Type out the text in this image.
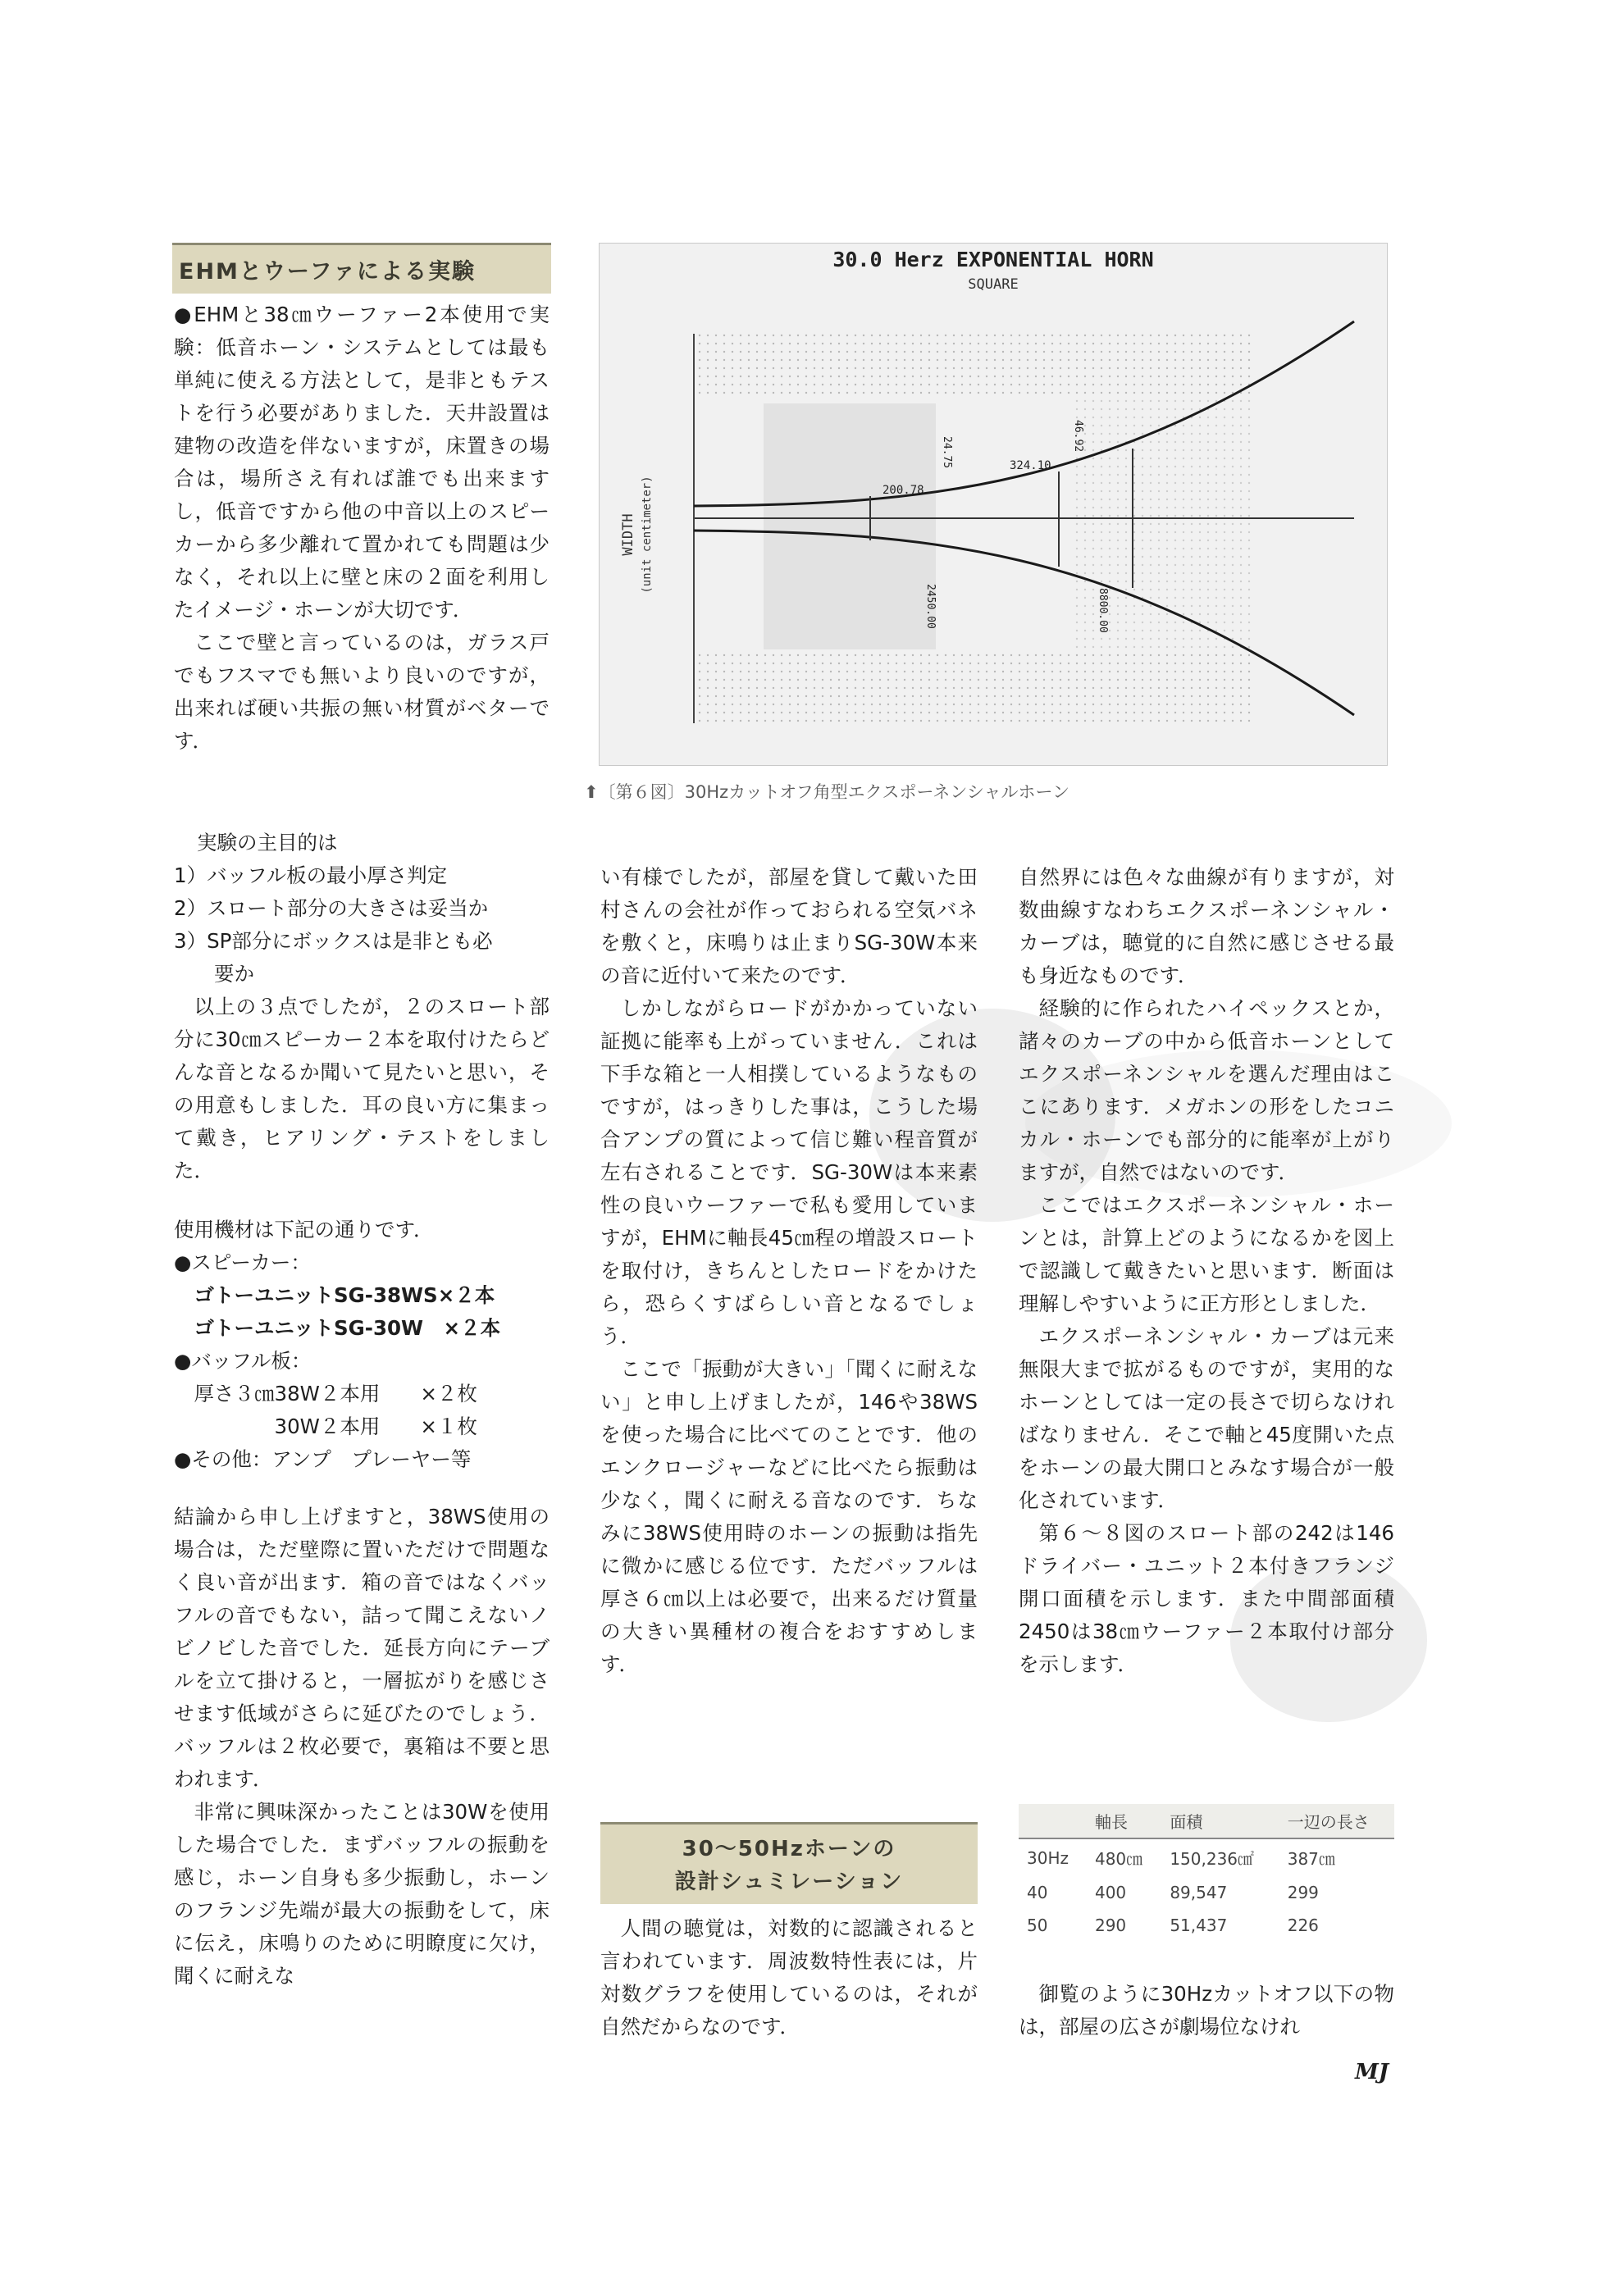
EHMとウーファによる実験

●EHMと38㎝ウーファー2本使用で実験：低音ホーン・システムとしては最も単純に使える方法として，是非ともテストを行う必要がありました．天井設置は建物の改造を伴ないますが，床置きの場合は，場所さえ有れば誰でも出来ますし，低音ですから他の中音以上のスピーカーから多少離れて置かれても問題は少なく，それ以上に壁と床の２面を利用したイメージ・ホーンが大切です．

ここで壁と言っているのは，ガラス戸でもフスマでも無いより良いのですが，出来れば硬い共振の無い材質がベターです．

実験の主目的は

1）バッフル板の最小厚さ判定

2）スロート部分の大きさは妥当か

3）SP部分にボックスは是非とも必

　　要か

以上の３点でしたが，２のスロート部分に30㎝スピーカー２本を取付けたらどんな音となるか聞いて見たいと思い，その用意もしました．耳の良い方に集まって戴き，ヒアリング・テストをしました．

使用機材は下記の通りです．

●スピーカー：

　ゴトーユニットSG-38WS×２本

　ゴトーユニットSG-30W　×２本

●バッフル板：

　厚さ３㎝38W２本用　　×２枚

　　　　　30W２本用　　×１枚

●その他：アンプ　プレーヤー等

結論から申し上げますと，38WS使用の場合は，ただ壁際に置いただけで問題なく良い音が出ます．箱の音ではなくバッフルの音でもない，詰って聞こえないノビノビした音でした．延長方向にテーブルを立て掛けると，一層拡がりを感じさせます低域がさらに延びたのでしょう．バッフルは２枚必要で，裏箱は不要と思われます．

非常に興味深かったことは30Wを使用した場合でした．まずバッフルの振動を感じ，ホーン自身も多少振動し，ホーンのフランジ先端が最大の振動をして，床に伝え，床鳴りのために明瞭度に欠け，聞くに耐えな

30.0 Herz EXPONENTIAL HORN
SQUARE
WIDTH (unit centimeter)	200.78
324.10
24.75
46.92
2450.00	8800.00
⬆〔第６図〕30Hzカットオフ角型エクスポーネンシャルホーン

い有様でしたが，部屋を貸して戴いた田村さんの会社が作っておられる空気バネを敷くと，床鳴りは止まりSG-30W本来の音に近付いて来たのです．

しかしながらロードがかかっていない証拠に能率も上がっていません．これは下手な箱と一人相撲しているようなものですが，はっきりした事は，こうした場合アンプの質によって信じ難い程音質が左右されることです．SG-30Wは本来素性の良いウーファーで私も愛用していますが，EHMに軸長45㎝程の増設スロートを取付け，きちんとしたロードをかけたら，恐らくすばらしい音となるでしょう．

ここで「振動が大きい」「聞くに耐えない」と申し上げましたが，146や38WSを使った場合に比べてのことです．他のエンクロージャーなどに比べたら振動は少なく，聞くに耐える音なのです．ちなみに38WS使用時のホーンの振動は指先に微かに感じる位です．ただバッフルは厚さ６㎝以上は必要で，出来るだけ質量の大きい異種材の複合をおすすめします．

30～50Hzホーンの
設計シュミレーション

人間の聴覚は，対数的に認識されると言われています．周波数特性表には，片対数グラフを使用しているのは，それが自然だからなのです．

自然界には色々な曲線が有りますが，対数曲線すなわちエクスポーネンシャル・カーブは，聴覚的に自然に感じさせる最も身近なものです．

経験的に作られたハイペックスとか，諸々のカーブの中から低音ホーンとしてエクスポーネンシャルを選んだ理由はここにあります．メガホンの形をしたコニカル・ホーンでも部分的に能率が上がりますが，自然ではないのです．

ここではエクスポーネンシャル・ホーンとは，計算上どのようになるかを図上で認識して戴きたいと思います．断面は理解しやすいように正方形としました．

エクスポーネンシャル・カーブは元来無限大まで拡がるものですが，実用的なホーンとしては一定の長さで切らなければなりません．そこで軸と45度開いた点をホーンの最大開口とみなす場合が一般化されています．

第６～８図のスロート部の242は146ドライバー・ユニット２本付きフランジ開口面積を示します．また中間部面積2450は38㎝ウーファー２本取付け部分を示します．

	軸長	面積	一辺の長さ
30Hz	480㎝	150,236㎠	387㎝
40	400	89,547	299
50	290	51,437	226

御覧のように30Hzカットオフ以下の物は，部屋の広さが劇場位なけれ

MJ
